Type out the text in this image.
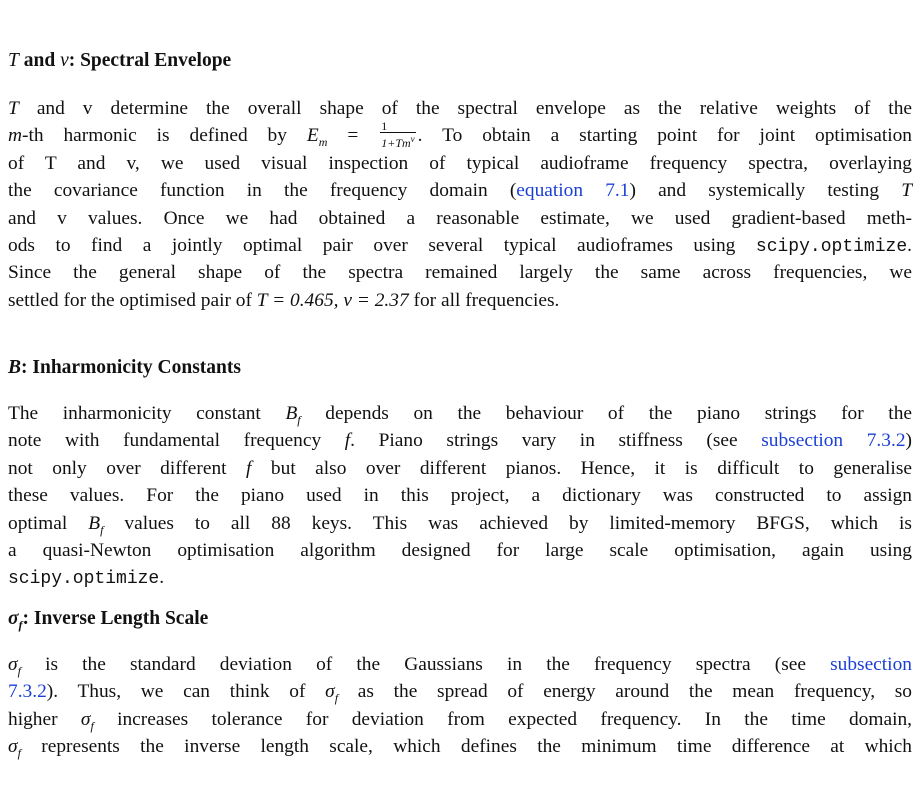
T and v: Spectral Envelope
T and v determine the overall shape of the spectral envelope as the relative weights of the
m-th harmonic is defined by $E_m = \frac{1}{1+Tm^v}$ . To obtain a starting point for joint optimisation
of T and v, we used visual inspection of typical audioframe frequency spectra, overlaying
the covariance function in the frequency domain (equation 7.1) and systemically testing T
and v values. Once we had obtained a reasonable estimate, we used gradient-based meth-
ods to find a jointly optimal pair over several typical audioframes using scipy.optimize.
Since the general shape of the spectra remained largely the same across frequencies, we
settled for the optimised pair of T = 0.465, v = 2.37 for all frequencies.
B: Inharmonicity Constants
The inharmonicity constant $B_f$ depends on the behaviour of the piano strings for the
note with fundamental frequency f. Piano strings vary in stiffness (see subsection 7.3.2)
not only over different f but also over different pianos. Hence, it is difficult to generalise
these values. For the piano used in this project, a dictionary was constructed to assign
optimal $B_f$ values to all 88 keys. This was achieved by limited-memory BFGS, which is
a quasi-Newton optimisation algorithm designed for large scale optimisation, again using
scipy.optimize.
$\sigma_f$: Inverse Length Scale
$\sigma_f$ is the standard deviation of the Gaussians in the frequency spectra (see subsection
7.3.2). Thus, we can think of $\sigma_f$ as the spread of energy around the mean frequency, so
higher $\sigma_f$ increases tolerance for deviation from expected frequency. In the time domain,
$\sigma_f$ represents the inverse length scale, which defines the minimum time difference at which
